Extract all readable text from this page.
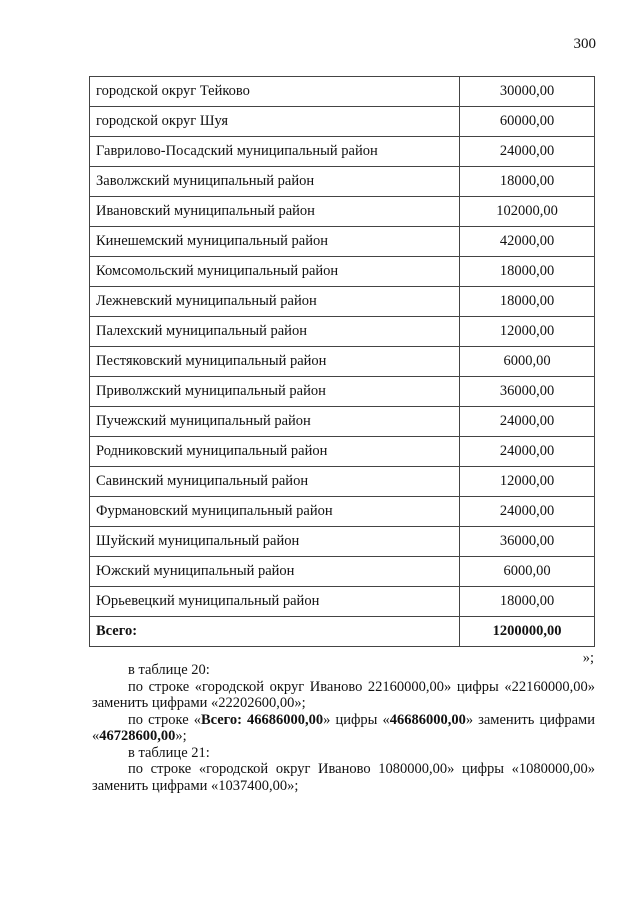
300
городской округ Тейково	30000,00
городской округ Шуя	60000,00
Гаврилово-Посадский муниципальный район	24000,00
Заволжский муниципальный район	18000,00
Ивановский муниципальный район	102000,00
Кинешемский муниципальный район	42000,00
Комсомольский муниципальный район	18000,00
Лежневский муниципальный район	18000,00
Палехский муниципальный район	12000,00
Пестяковский муниципальный район	6000,00
Приволжский муниципальный район	36000,00
Пучежский муниципальный район	24000,00
Родниковский муниципальный район	24000,00
Савинский муниципальный район	12000,00
Фурмановский муниципальный район	24000,00
Шуйский муниципальный район	36000,00
Южский муниципальный район	6000,00
Юрьевецкий муниципальный район	18000,00
Всего:	1200000,00
»;

в таблице 20:

по строке «городской округ Иваново 22160000,00» цифры «22160000,00» заменить цифрами «22202600,00»;

по строке «Всего: 46686000,00» цифры «46686000,00» заменить цифрами «46728600,00»;

в таблице 21:

по строке «городской округ Иваново 1080000,00» цифры «1080000,00» заменить цифрами «1037400,00»;
